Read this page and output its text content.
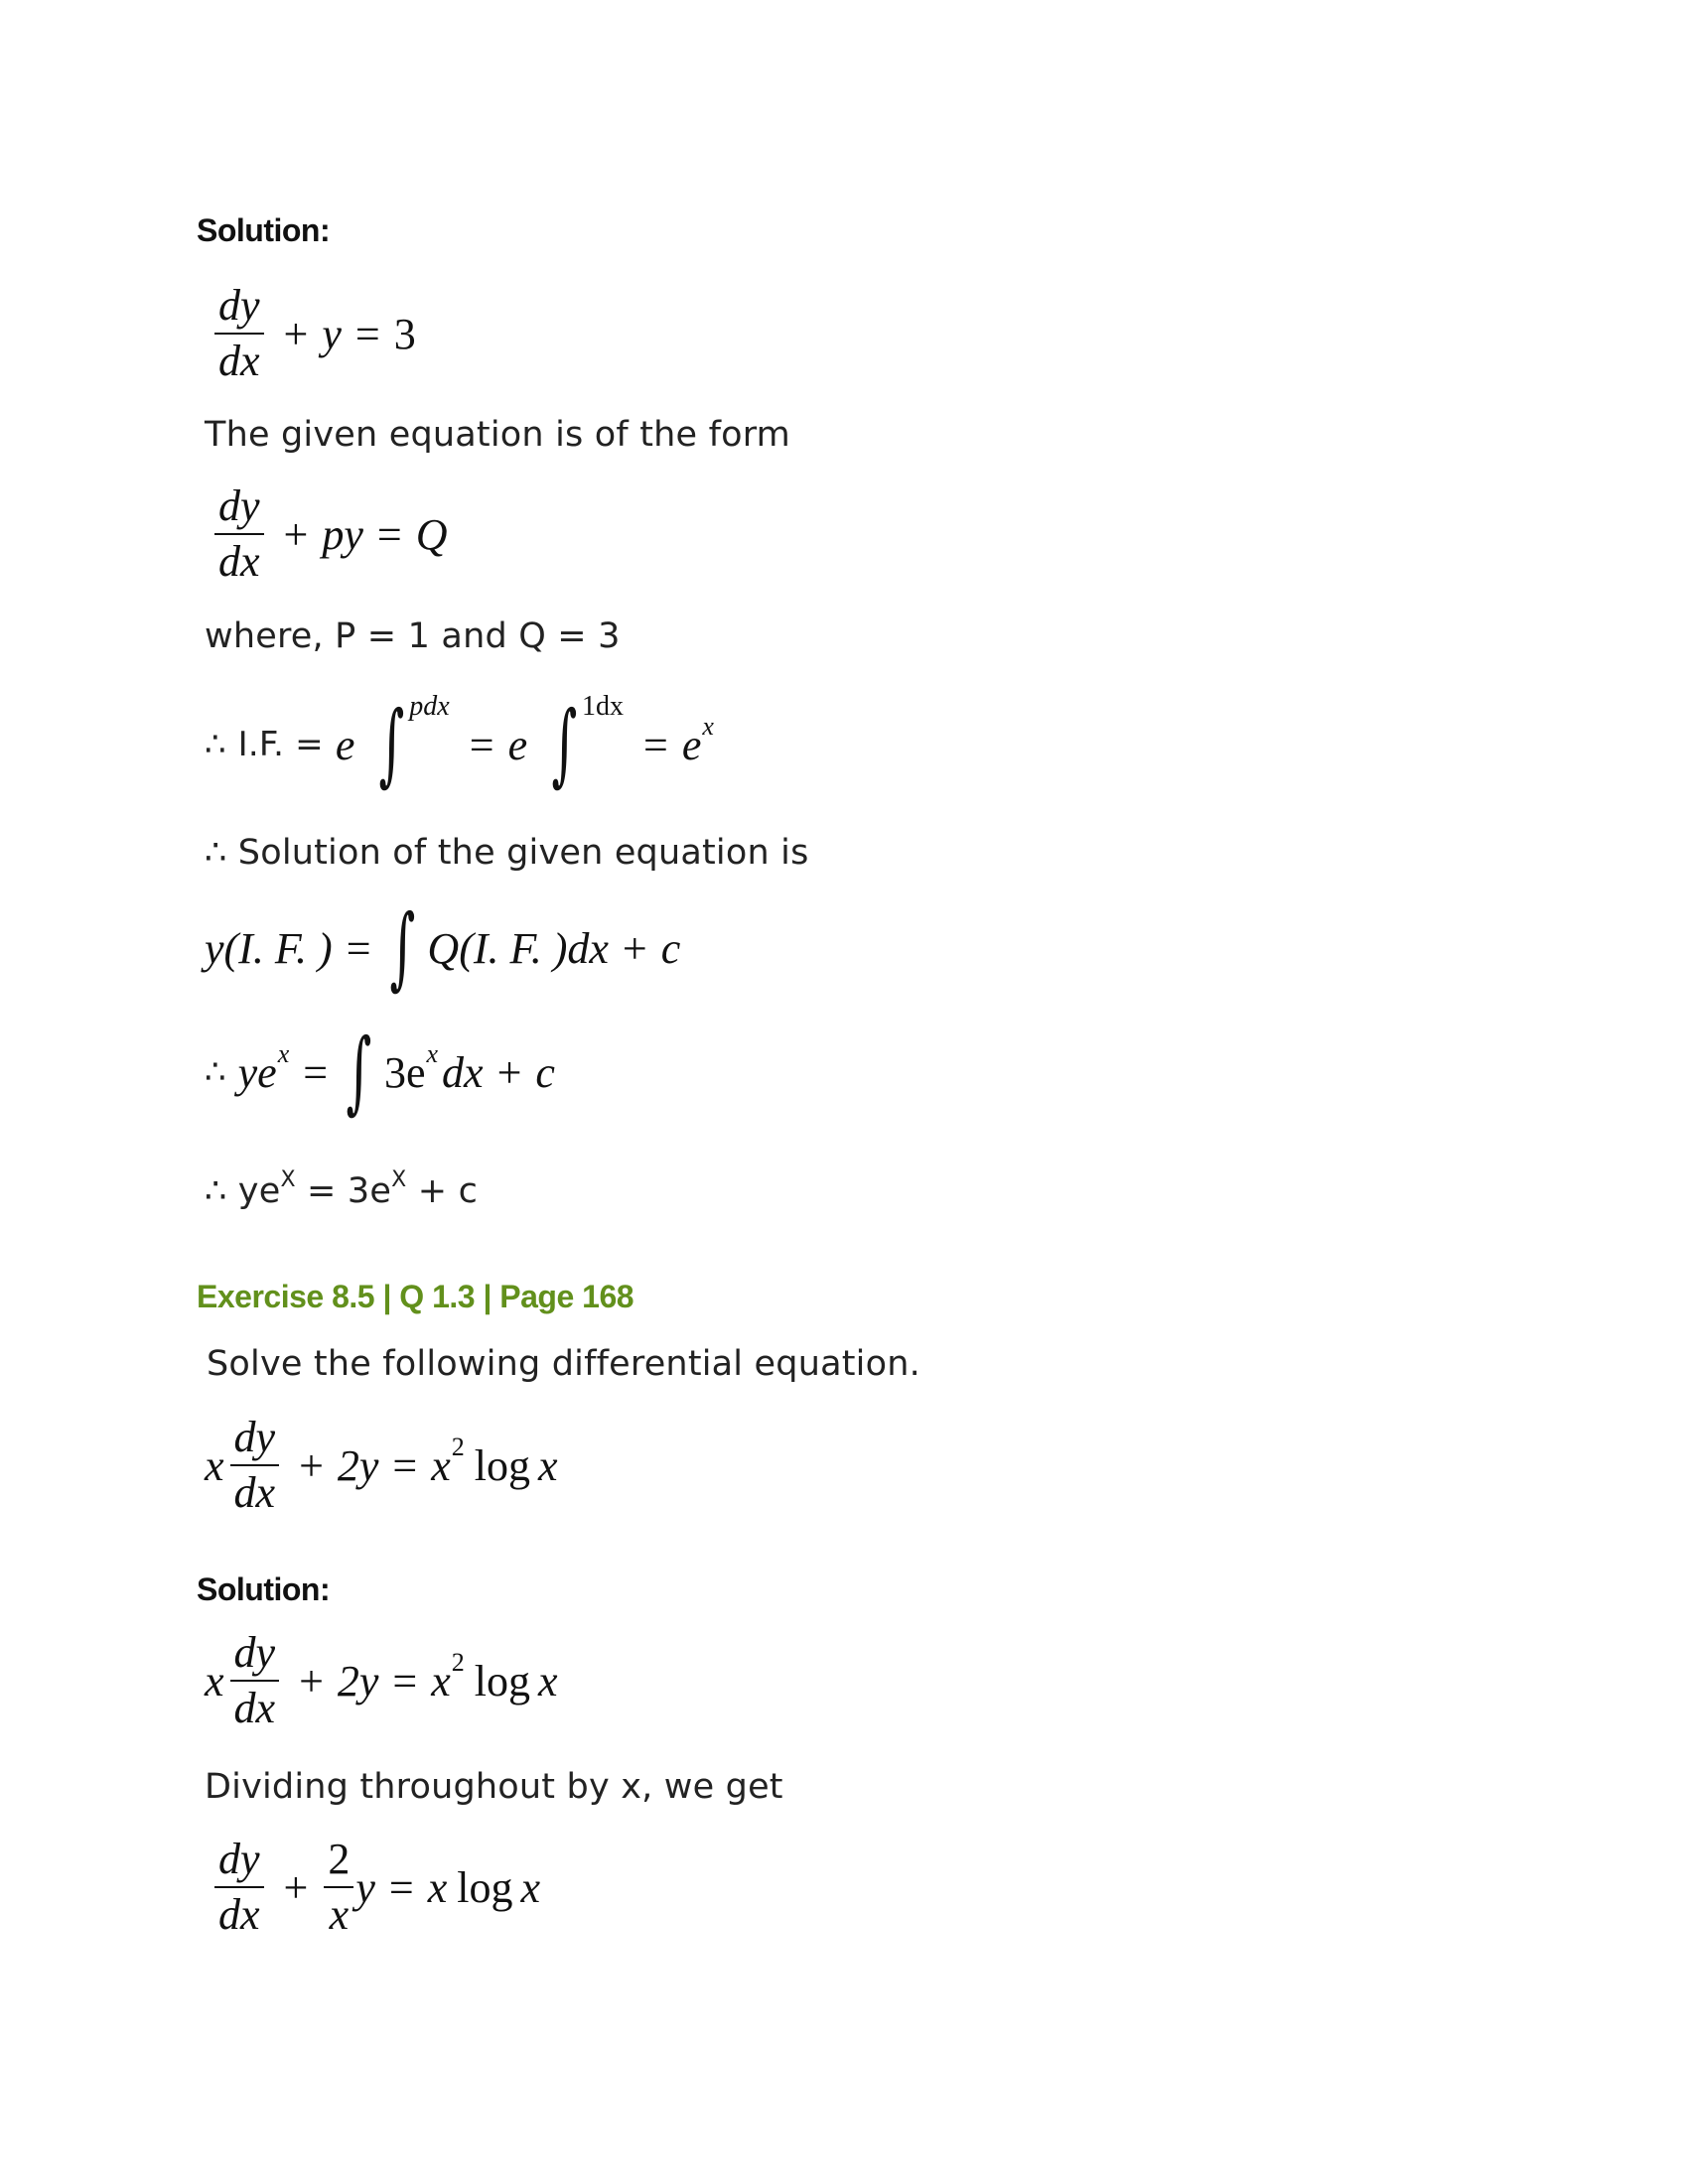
Solution:
$\frac{dy}{dx} + y = 3$
The given equation is of the form
$\frac{dy}{dx}$ + py = Q
where, P = 1 and Q = 3
∴ I.F. = e ∫ pdx
= e ∫ 1dx
= e x
∴ Solution of the given equation is
y(I. F. ) = ∫ Q(I. F. )dx + c
∴ ye x = ∫ 3e x dx + c
∴ $ye^X = 3e^X + c$
Exercise 8.5 | Q 1.3 | Page 168
Solve the following differential equation.
x $\frac{dy}{dx} + 2y = x$ 2 log x
Solution:
x $\frac{dy}{dx} + 2y = x$ 2 log x
Dividing throughout by x, we get
$\frac{dy}{dx} + \frac{2}{x}$ y = x log x
